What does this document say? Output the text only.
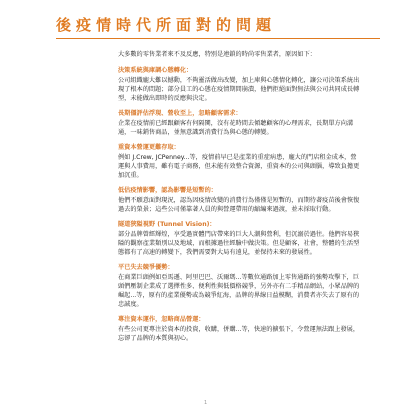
後疫情時代所面對的問題

大多數的零售業者來不及反應，特別是連鎖的時尚零售業者，原因如下：

決策系統與庫調心態轉化：

公司組織龐大難以撼動，不夠靈活做出改變，加上庫與心態情化轉化，讓公司決策系統出現了根本的問題；部分員工的心態在疫情期間崩潰，他們拒絕面對無法與公司共同成長轉型，未能做出即時的反應與決定。

長期僵評估浮現、營收至上，忽略顧客需求：

企業在疫情前已經跟顧客有何隔閡，沒有花時間去傾聽顧客的心理需求，長期單方向溝通，一味銷售商品，並無意識到消費行為與心態的轉變。

重資本營運更難存取：

例如 J.Crew, JCPenney...等，疫情前早已是產業的重症病患，龐大的門店租金成本，營運與人事費用，雖有電子商務，但未能有效整合資源，重資本的公司與頭腦，導致負擔更加沉重。

低估疫情影響，認為影響是短暫的：

他們不願意面對現況，認為因疫情改變的消費行為僅僅是短暫的，而期待著疫苗後會恢復過去的榮景；這些公司僅靠著人員的與營運帶用的縮編來過渡，並未採取行動。

隧道狹隘視野 (Tunnel Vision)：

部分品牌曾經輝煌，享受過實體門店帶來的巨大人潮與營利，但沉溺於過往。他們容易狹隘的觀察產業類別以及地域，而根據過往經驗中做決策。但是顧客，社會，整體的生活型態都有了高速的轉變下，我們需要對大局有遠見，並保持未來的發展性。

平已失去競爭優勢：

在商業巨頭例如亞馬遜、阿里巴巴、沃爾瑪...等數位通路加上零售通路的強勢攻擊下，巨頭們壓制企業成了選擇性多、便利性與低價格競爭，另外亦有二手精品網站，小眾品牌的崛起...等，原有的產業優勢或為競爭紅海，品牌的界線日益模糊，消費者亦失去了原有的忠誠度。

專注資本運作，忽略商品營運：

有些公司更專注於資本的投資，收購，併購...等，快速的擴張下，令營運無法跟上發展，忘卻了品牌的本質與初心。

1
